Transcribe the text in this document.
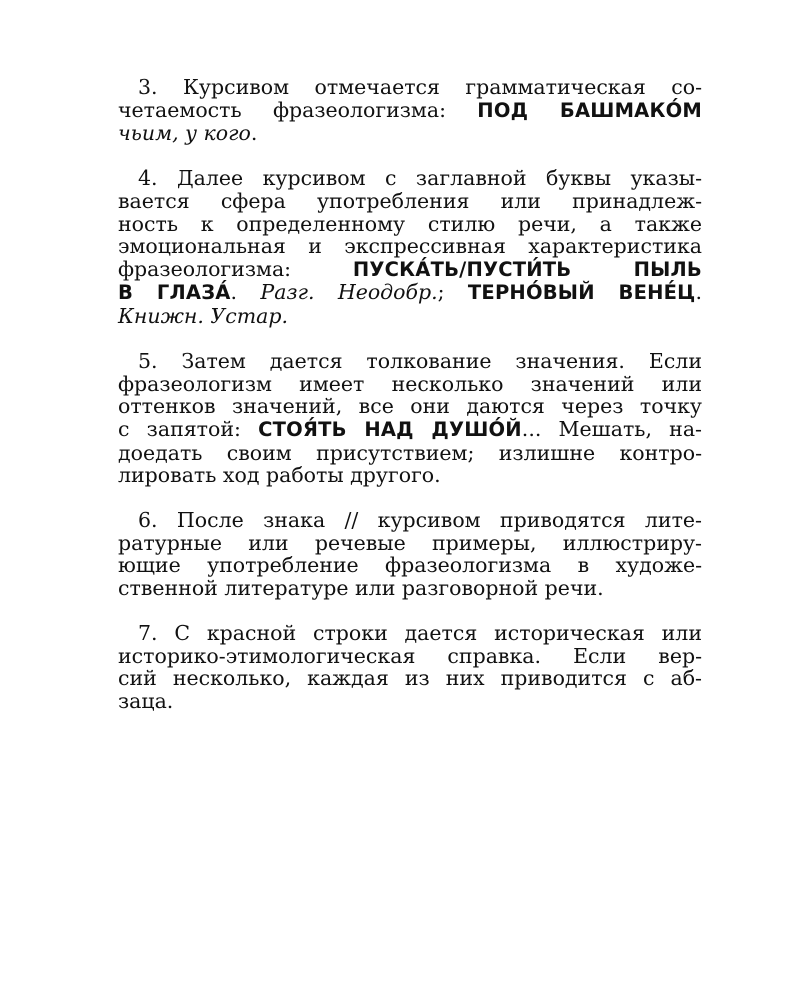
3. Курсивом отмечается грамматическая со-
четаемость фразеологизма: ПОД БАШМАКО́М
чьим, у кого.
4. Далее курсивом с заглавной буквы указы-
вается сфера употребления или принадлеж-
ность к определенному стилю речи, а также
эмоциональная и экспрессивная характеристика
фразеологизма: ПУСКА́ТЬ/ПУСТИ́ТЬ ПЫЛЬ
В ГЛАЗА́. Разг. Неодобр.; ТЕРНО́ВЫЙ ВЕНЕ́Ц.
Книжн. Устар.
5. Затем дается толкование значения. Если
фразеологизм имеет несколько значений или
оттенков значений, все они даются через точку
с запятой: СТОЯ́ТЬ НАД ДУШО́Й... Мешать, на-
доедать своим присутствием; излишне контро-
лировать ход работы другого.
6. После знака // курсивом приводятся лите-
ратурные или речевые примеры, иллюстриру-
ющие употребление фразеологизма в художе-
ственной литературе или разговорной речи.
7. С красной строки дается историческая или
историко-этимологическая справка. Если вер-
сий несколько, каждая из них приводится с аб-
заца.
